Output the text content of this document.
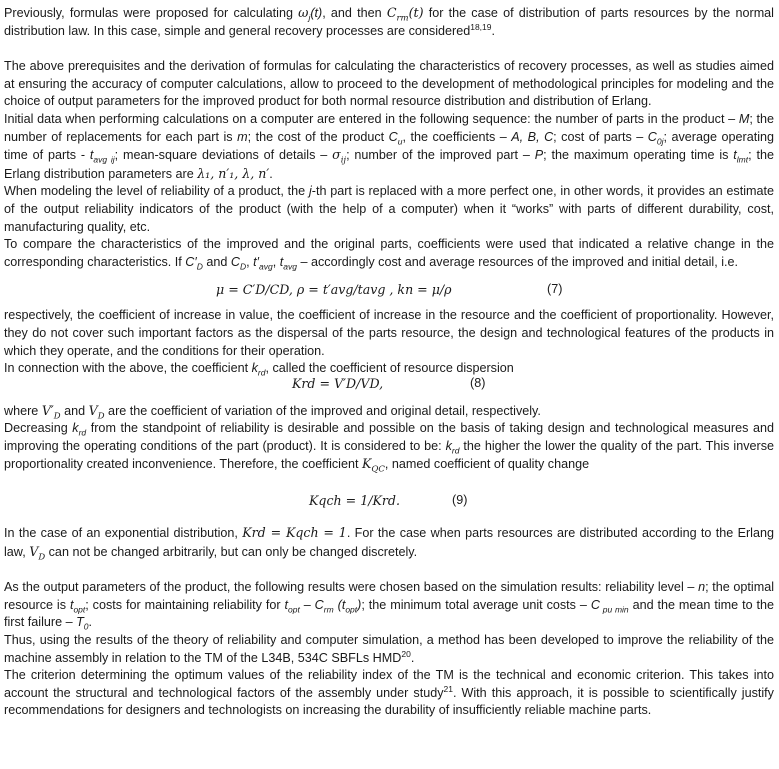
Previously, formulas were proposed for calculating $\omega_j(t)$, and then $C_{rm}(t)$ for the case of distribution of parts resources by the normal distribution law. In this case, simple and general recovery processes are considered$^{18,19}$.

The above prerequisites and the derivation of formulas for calculating the characteristics of recovery processes, as well as studies aimed at ensuring the accuracy of computer calculations, allow to proceed to the development of methodological principles for modeling and the choice of output parameters for the improved product for both normal resource distribution and distribution of Erlang.

Initial data when performing calculations on a computer are entered in the following sequence: the number of parts in the product – M; the number of replacements for each part is m; the cost of the product $C_u$, the coefficients – A, B, C; cost of parts – $C_{0j}$; average operating time of parts - $t_{avg ij}$; mean-square deviations of details – $\sigma_{ij}$; number of the improved part – P; the maximum operating time is $t_{lmt}$; the Erlang distribution parameters are λ₁, n′₁, λ, n′.

When modeling the level of reliability of a product, the j-th part is replaced with a more perfect one, in other words, it provides an estimate of the output reliability indicators of the product (with the help of a computer) when it “works” with parts of different durability, cost, manufacturing quality, etc.

To compare the characteristics of the improved and the original parts, coefficients were used that indicated a relative change in the corresponding characteristics. If $C'_D$ and $C_D$, $t'_{avg}$, $t_{avg}$ – accordingly cost and average resources of the improved and initial detail, i.e.

μ = C′D/CD, ρ = t′avg/tavg , kn = μ/ρ	(7)

respectively, the coefficient of increase in value, the coefficient of increase in the resource and the coefficient of proportionality. However, they do not cover such important factors as the dispersal of the parts resource, the design and technological features of the products in which they operate, and the conditions for their operation.

In connection with the above, the coefficient $k_{rd}$, called the coefficient of resource dispersion

Krd = V′D/VD,	(8)

where $V'_D$ and $V_D$ are the coefficient of variation of the improved and original detail, respectively.

Decreasing $k_{rd}$ from the standpoint of reliability is desirable and possible on the basis of taking design and technological measures and improving the operating conditions of the part (product). It is considered to be: $k_{rd}$ the higher the lower the quality of the part. This inverse proportionality created inconvenience. Therefore, the coefficient $K_{QC}$, named coefficient of quality change

Kqch = 1/Krd.	(9)

In the case of an exponential distribution, Krd = Kqch = 1. For the case when parts resources are distributed according to the Erlang law, $V_D$ can not be changed arbitrarily, but can only be changed discretely.

As the output parameters of the product, the following results were chosen based on the simulation results: reliability level – n; the optimal resource is $t_{opt}$; costs for maintaining reliability for $t_{opt} - C_{rm}$ $(t_{opt})$; the minimum total average unit costs – C $_{pu min}$ and the mean time to the first failure – $T_0$.

Thus, using the results of the theory of reliability and computer simulation, a method has been developed to improve the reliability of the machine assembly in relation to the TM of the L34B, 534C SBFLs HMD$^{20}$.

The criterion determining the optimum values of the reliability index of the TM is the technical and economic criterion. This takes into account the structural and technological factors of the assembly under study$^{21}$. With this approach, it is possible to scientifically justify recommendations for designers and technologists on increasing the durability of insufficiently reliable machine parts.
